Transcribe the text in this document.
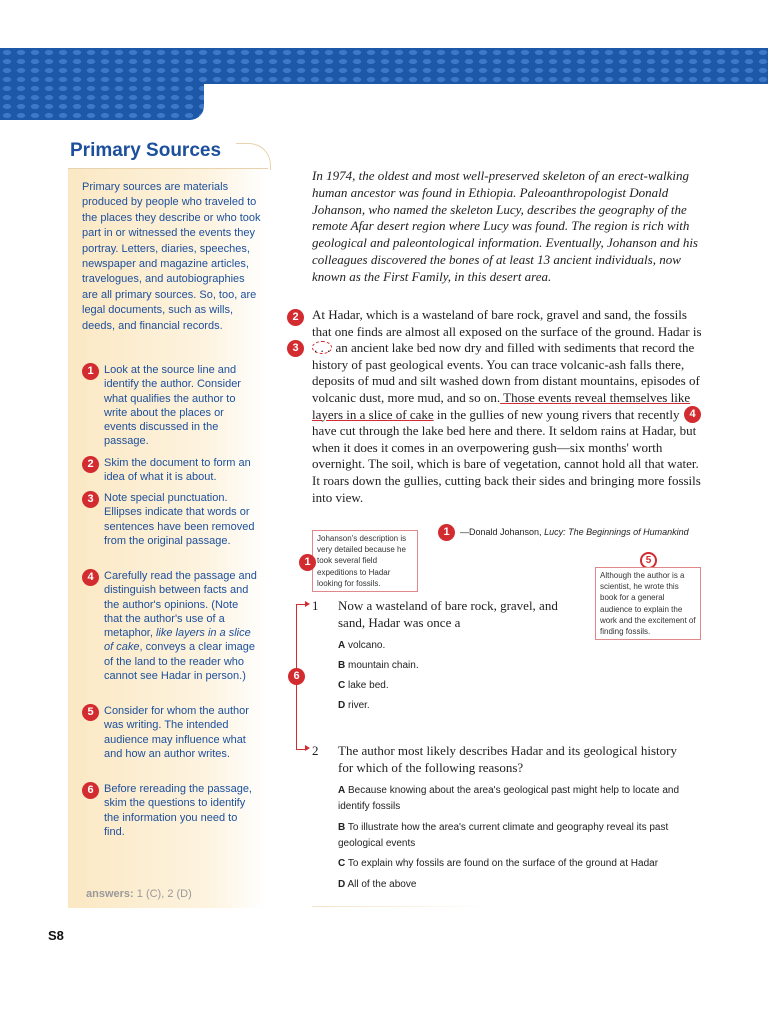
Primary Sources

Primary sources are materials produced by people who traveled to the places they describe or who took part in or witnessed the events they portray. Letters, diaries, speeches, newspaper and magazine articles, travelogues, and autobiographies are all primary sources. So, too, are legal documents, such as wills, deeds, and financial records.

1 Look at the source line and identify the author. Consider what qualifies the author to write about the places or events discussed in the passage.

2 Skim the document to form an idea of what it is about.

3 Note special punctuation. Ellipses indicate that words or sentences have been removed from the original passage.

4 Carefully read the passage and distinguish between facts and the author's opinions. (Note that the author's use of a metaphor, like layers in a slice of cake, conveys a clear image of the land to the reader who cannot see Hadar in person.)

5 Consider for whom the author was writing. The intended audience may influence what and how an author writes.

6 Before rereading the passage, skim the questions to identify the information you need to find.

answers: 1 (C), 2 (D)
S8

In 1974, the oldest and most well-preserved skeleton of an erect-walking human ancestor was found in Ethiopia. Paleoanthropologist Donald Johanson, who named the skeleton Lucy, describes the geography of the remote Afar desert region where Lucy was found. The region is rich with geological and paleontological information. Eventually, Johanson and his colleagues discovered the bones of at least 13 ancient individuals, now known as the First Family, in this desert area.

2
3
4

At Hadar, which is a wasteland of bare rock, gravel and sand, the fossils that one finds are almost all exposed on the surface of the ground. Hadar is. . . an ancient lake bed now dry and filled with sediments that record the history of past geological events. You can trace volcanic-ash falls there, deposits of mud and silt washed down from distant mountains, episodes of volcanic dust, more mud, and so on. Those events reveal themselves like layers in a slice of cake in the gullies of new young rivers that recently have cut through the lake bed here and there. It seldom rains at Hadar, but when it does it comes in an overpowering gush—six months' worth overnight. The soil, which is bare of vegetation, cannot hold all that water. It roars down the gullies, cutting back their sides and bringing more fossils into view.

1	—Donald Johanson, Lucy: The Beginnings of Humankind
Johanson's description is very detailed because he took several field expeditions to Hadar looking for fossils.
1	5
Although the author is a scientist, he wrote this book for a general audience to explain the work and the excitement of finding fossils.
6
1 Now a wasteland of bare rock, gravel, and sand, Hadar was once a

A volcano.
B mountain chain.
C lake bed.
D river.
2 The author most likely describes Hadar and its geological history for which of the following reasons?

A Because knowing about the area's geological past might help to locate and identify fossils
B To illustrate how the area's current climate and geography reveal its past geological events
C To explain why fossils are found on the surface of the ground at Hadar
D All of the above
